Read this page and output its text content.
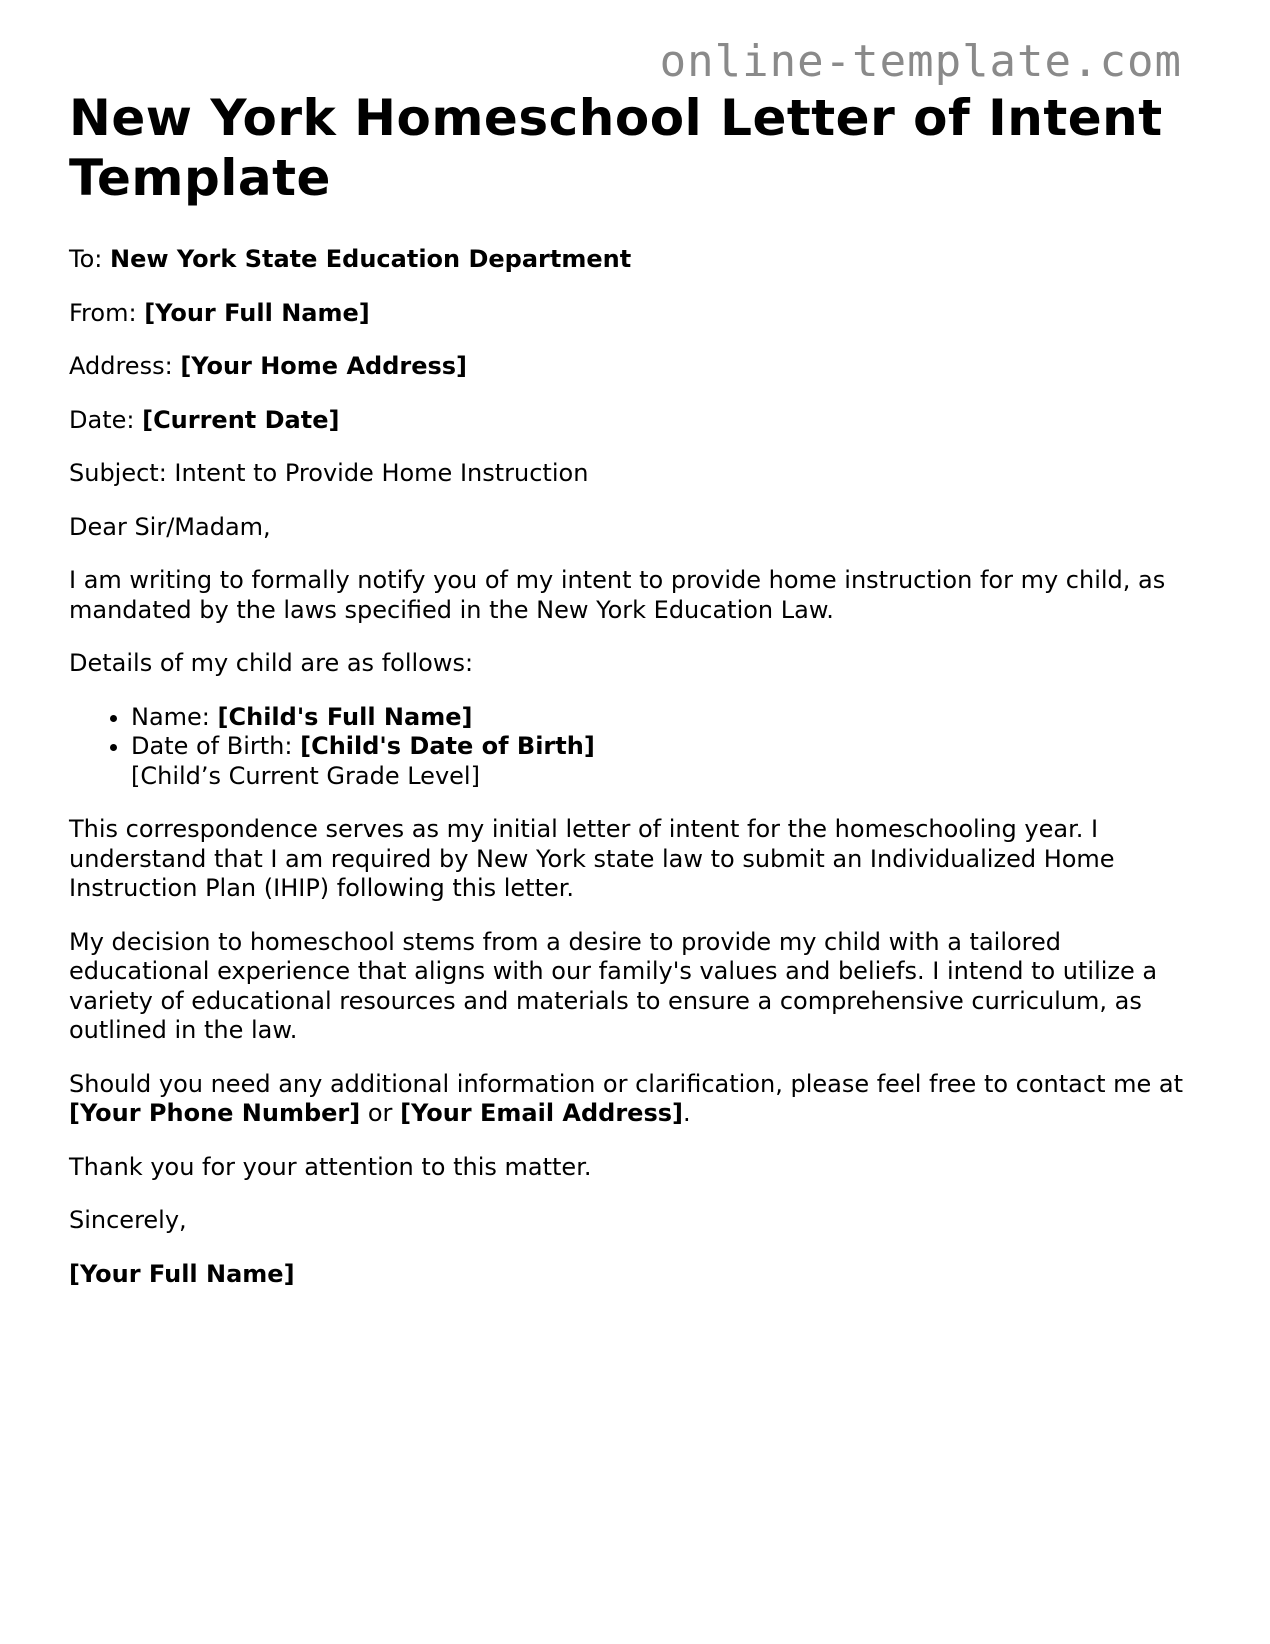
online-template.com
New York Homeschool Letter of Intent Template

To: New York State Education Department

From: [Your Full Name]

Address: [Your Home Address]

Date: [Current Date]

Subject: Intent to Provide Home Instruction

Dear Sir/Madam,

I am writing to formally notify you of my intent to provide home instruction for my child, as mandated by the laws specified in the New York Education Law.

Details of my child are as follows:

• Name: [Child's Full Name]
• Date of Birth: [Child's Date of Birth]
[Child’s Current Grade Level]

This correspondence serves as my initial letter of intent for the homeschooling year. I understand that I am required by New York state law to submit an Individualized Home Instruction Plan (IHIP) following this letter.

My decision to homeschool stems from a desire to provide my child with a tailored educational experience that aligns with our family's values and beliefs. I intend to utilize a variety of educational resources and materials to ensure a comprehensive curriculum, as outlined in the law.

Should you need any additional information or clarification, please feel free to contact me at [Your Phone Number] or [Your Email Address].

Thank you for your attention to this matter.

Sincerely,

[Your Full Name]
